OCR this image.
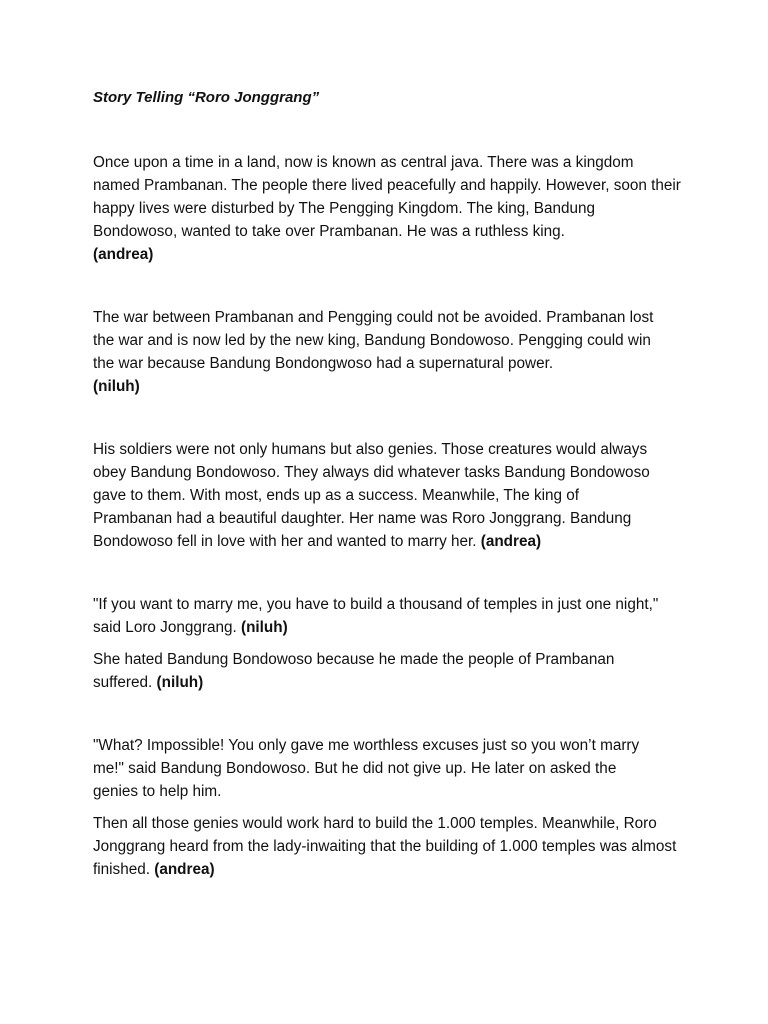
Story Telling “Roro Jonggrang”

Once upon a time in a land, now is known as central java. There was a kingdom named Prambanan. The people there lived peacefully and happily. However, soon their happy lives were disturbed by The Pengging Kingdom. The king, Bandung Bondowoso, wanted to take over Prambanan. He was a ruthless king.
(andrea)

The war between Prambanan and Pengging could not be avoided. Prambanan lost the war and is now led by the new king, Bandung Bondowoso. Pengging could win the war because Bandung Bondongwoso had a supernatural power.
(niluh)

His soldiers were not only humans but also genies. Those creatures would always obey Bandung Bondowoso. They always did whatever tasks Bandung Bondowoso gave to them. With most, ends up as a success. Meanwhile, The king of Prambanan had a beautiful daughter. Her name was Roro Jonggrang. Bandung Bondowoso fell in love with her and wanted to marry her. (andrea)

"If you want to marry me, you have to build a thousand of temples in just one night," said Loro Jonggrang. (niluh)

She hated Bandung Bondowoso because he made the people of Prambanan suffered. (niluh)

"What? Impossible! You only gave me worthless excuses just so you won’t marry me!" said Bandung Bondowoso. But he did not give up. He later on asked the genies to help him.

Then all those genies would work hard to build the 1.000 temples. Meanwhile, Roro Jonggrang heard from the lady-inwaiting that the building of 1.000 temples was almost finished. (andrea)
